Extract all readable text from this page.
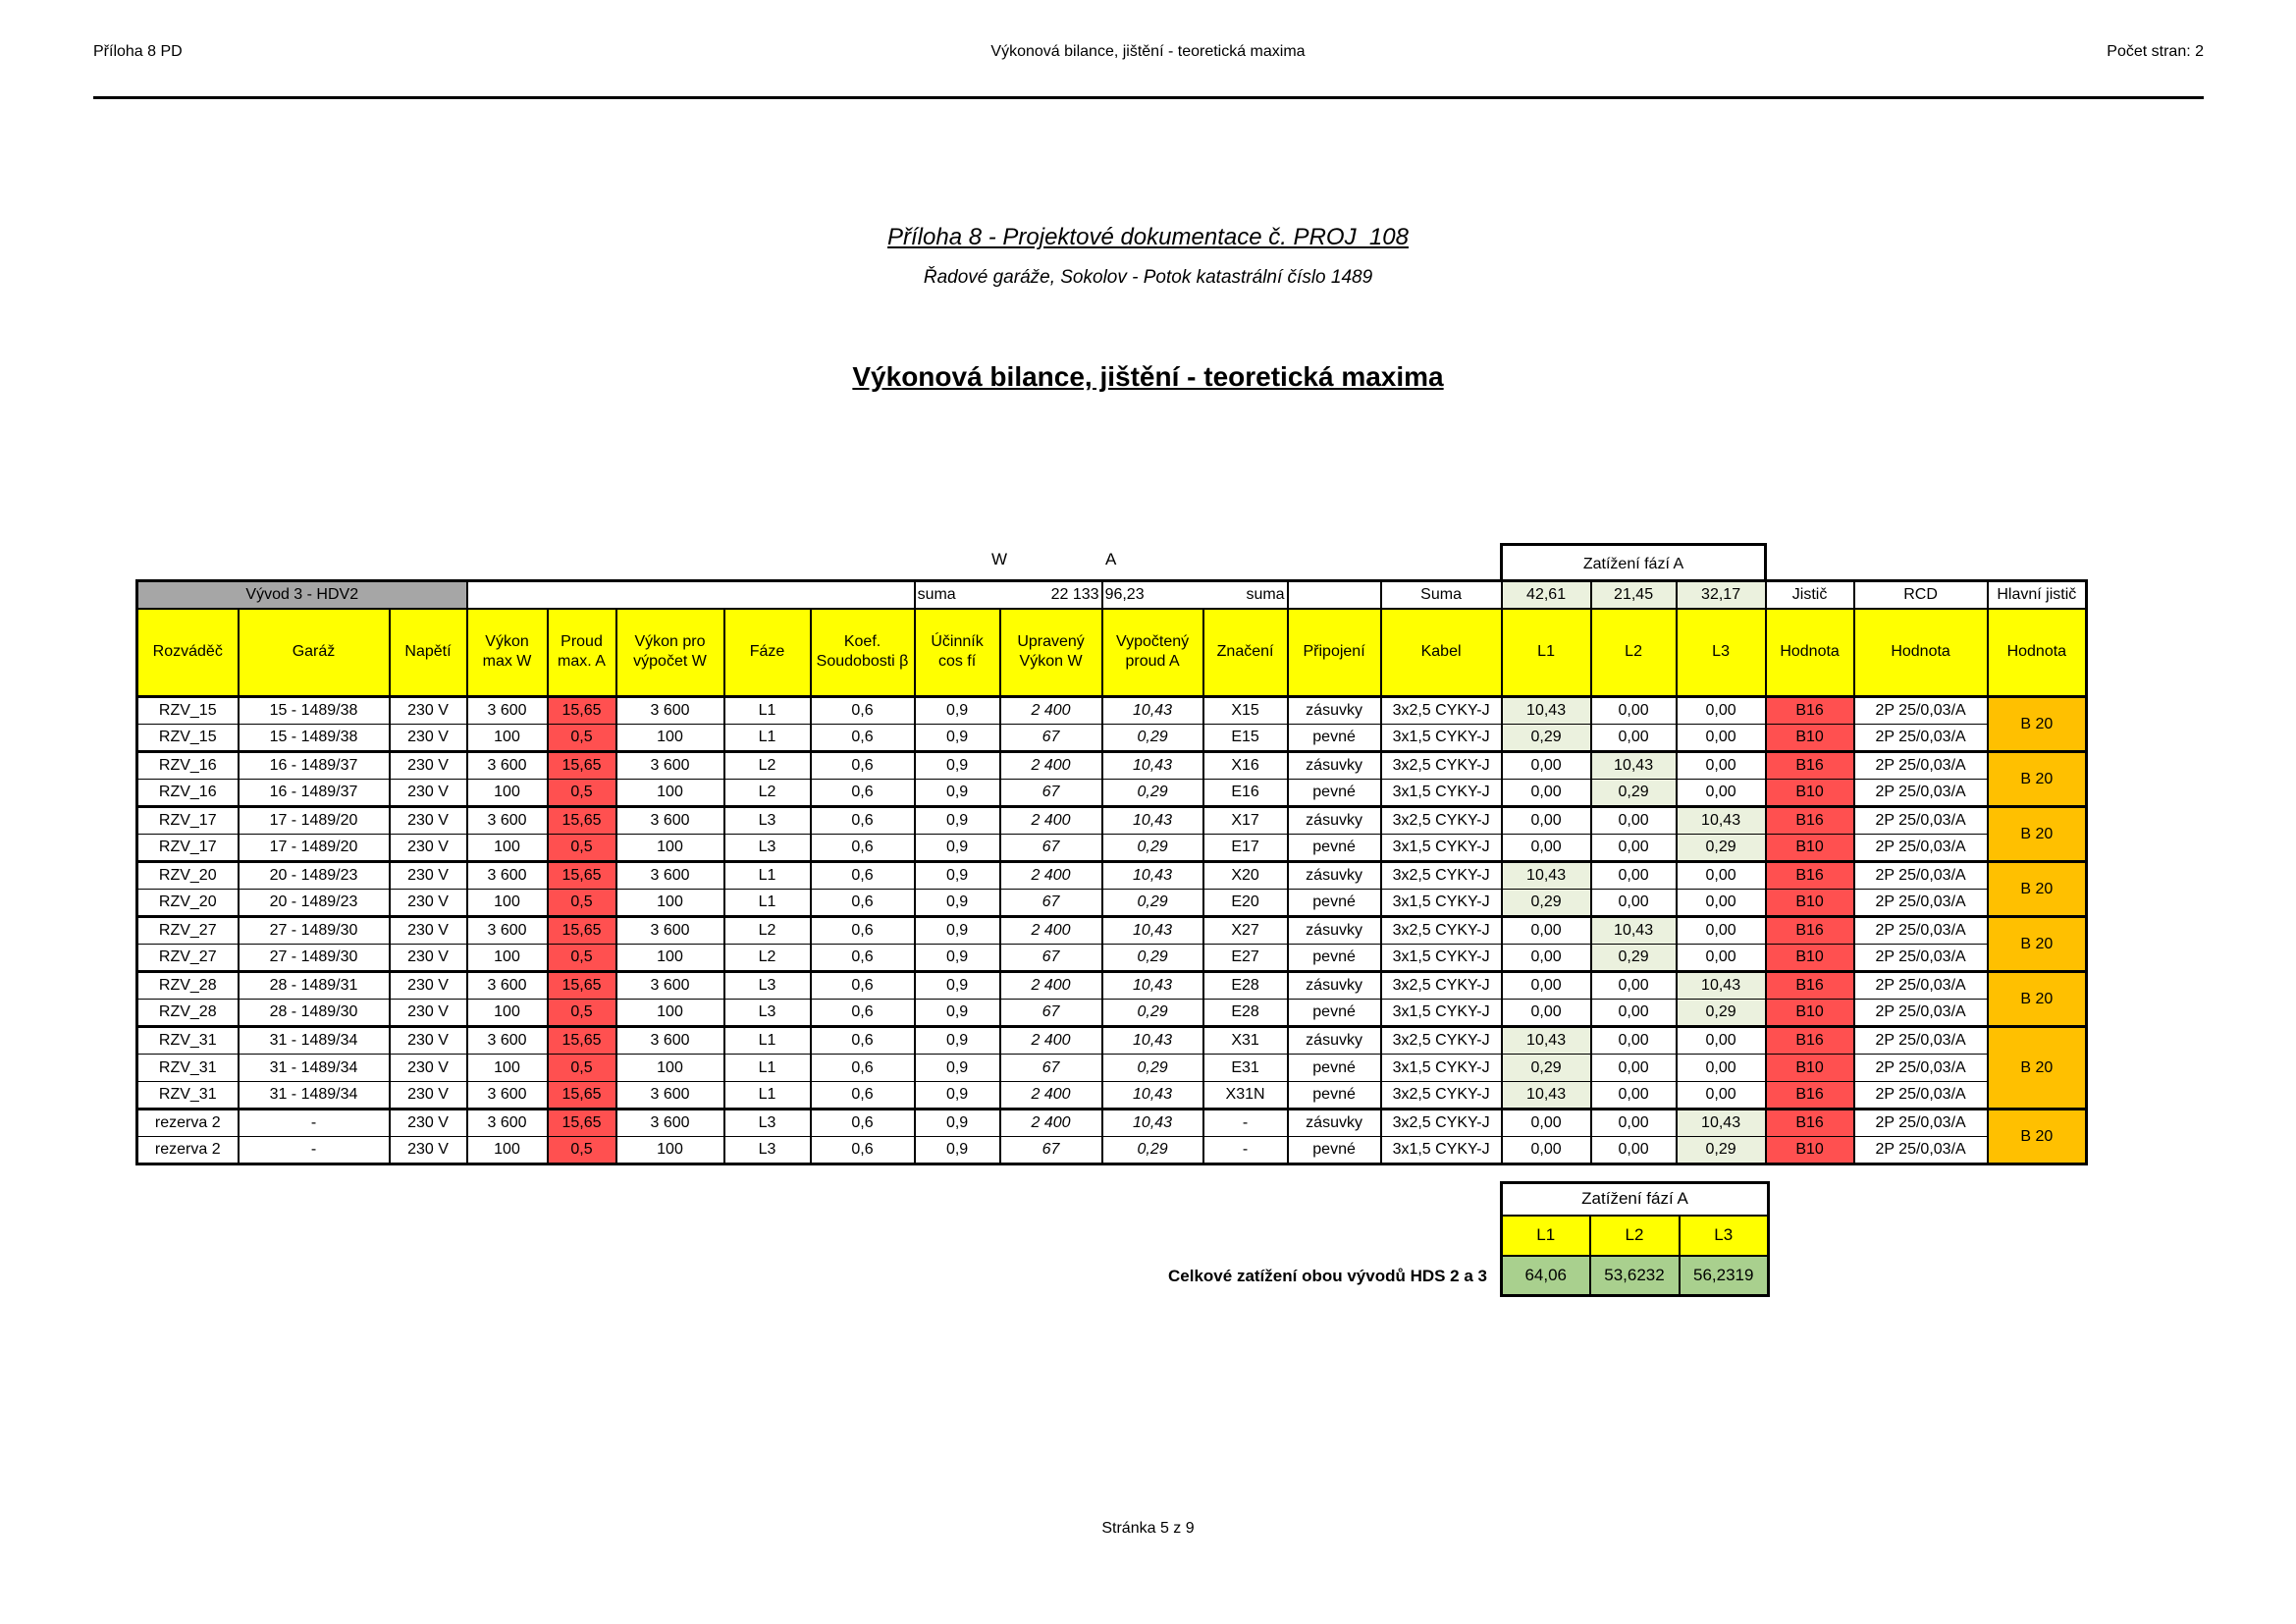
Příloha 8 PD	Výkonová bilance, jištění - teoretická maxima	Počet stran: 2
Příloha 8 - Projektové dokumentace č. PROJ_108
Řadové garáže, Sokolov - Potok katastrální číslo 1489
Výkonová bilance, jištění - teoretická maxima
W	A	Zatížení fází A
Vývod 3 - HDV2								suma 22 133		96,23 suma			Suma	42,61	21,45	32,17	Jistič	RCD	Hlavní jistič
Rozváděč	Garáž	Napětí	Výkon max W	Proud max. A	Výkon pro výpočet W	Fáze	Koef. Soudobosti β	Účinník cos fí	Upravený Výkon W	Vypočtený proud A	Značení	Připojení	Kabel	L1	L2	L3	Hodnota	Hodnota	Hodnota
RZV_15	15 - 1489/38	230 V	3 600	15,65	3 600	L1	0,6	0,9	2 400	10,43	X15	zásuvky	3x2,5 CYKY-J	10,43	0,00	0,00	B16	2P 25/0,03/A	B 20
RZV_15	15 - 1489/38	230 V	100	0,5	100	L1	0,6	0,9	67	0,29	E15	pevné	3x1,5 CYKY-J	0,29	0,00	0,00	B10	2P 25/0,03/A	
RZV_16	16 - 1489/37	230 V	3 600	15,65	3 600	L2	0,6	0,9	2 400	10,43	X16	zásuvky	3x2,5 CYKY-J	0,00	10,43	0,00	B16	2P 25/0,03/A	B 20
RZV_16	16 - 1489/37	230 V	100	0,5	100	L2	0,6	0,9	67	0,29	E16	pevné	3x1,5 CYKY-J	0,00	0,29	0,00	B10	2P 25/0,03/A	
RZV_17	17 - 1489/20	230 V	3 600	15,65	3 600	L3	0,6	0,9	2 400	10,43	X17	zásuvky	3x2,5 CYKY-J	0,00	0,00	10,43	B16	2P 25/0,03/A	B 20
RZV_17	17 - 1489/20	230 V	100	0,5	100	L3	0,6	0,9	67	0,29	E17	pevné	3x1,5 CYKY-J	0,00	0,00	0,29	B10	2P 25/0,03/A	
RZV_20	20 - 1489/23	230 V	3 600	15,65	3 600	L1	0,6	0,9	2 400	10,43	X20	zásuvky	3x2,5 CYKY-J	10,43	0,00	0,00	B16	2P 25/0,03/A	B 20
RZV_20	20 - 1489/23	230 V	100	0,5	100	L1	0,6	0,9	67	0,29	E20	pevné	3x1,5 CYKY-J	0,29	0,00	0,00	B10	2P 25/0,03/A	
RZV_27	27 - 1489/30	230 V	3 600	15,65	3 600	L2	0,6	0,9	2 400	10,43	X27	zásuvky	3x2,5 CYKY-J	0,00	10,43	0,00	B16	2P 25/0,03/A	B 20
RZV_27	27 - 1489/30	230 V	100	0,5	100	L2	0,6	0,9	67	0,29	E27	pevné	3x1,5 CYKY-J	0,00	0,29	0,00	B10	2P 25/0,03/A	
RZV_28	28 - 1489/31	230 V	3 600	15,65	3 600	L3	0,6	0,9	2 400	10,43	E28	zásuvky	3x2,5 CYKY-J	0,00	0,00	10,43	B16	2P 25/0,03/A	B 20
RZV_28	28 - 1489/30	230 V	100	0,5	100	L3	0,6	0,9	67	0,29	E28	pevné	3x1,5 CYKY-J	0,00	0,00	0,29	B10	2P 25/0,03/A	
RZV_31	31 - 1489/34	230 V	3 600	15,65	3 600	L1	0,6	0,9	2 400	10,43	X31	zásuvky	3x2,5 CYKY-J	10,43	0,00	0,00	B16	2P 25/0,03/A	B 20
RZV_31	31 - 1489/34	230 V	100	0,5	100	L1	0,6	0,9	67	0,29	E31	pevné	3x1,5 CYKY-J	0,29	0,00	0,00	B10	2P 25/0,03/A	
RZV_31	31 - 1489/34	230 V	3 600	15,65	3 600	L1	0,6	0,9	2 400	10,43	X31N	pevné	3x2,5 CYKY-J	10,43	0,00	0,00	B16	2P 25/0,03/A	
rezerva 2	-	230 V	3 600	15,65	3 600	L3	0,6	0,9	2 400	10,43	-	zásuvky	3x2,5 CYKY-J	0,00	0,00	10,43	B16	2P 25/0,03/A	B 20
rezerva 2	-	230 V	100	0,5	100	L3	0,6	0,9	67	0,29	-	pevné	3x1,5 CYKY-J	0,00	0,00	0,29	B10	2P 25/0,03/A	
Zatížení fází A		
L1	L2	L3
64,06	53,6232	56,2319
Celkové zatížení obou vývodů HDS 2 a 3
Stránka 5 z 9
